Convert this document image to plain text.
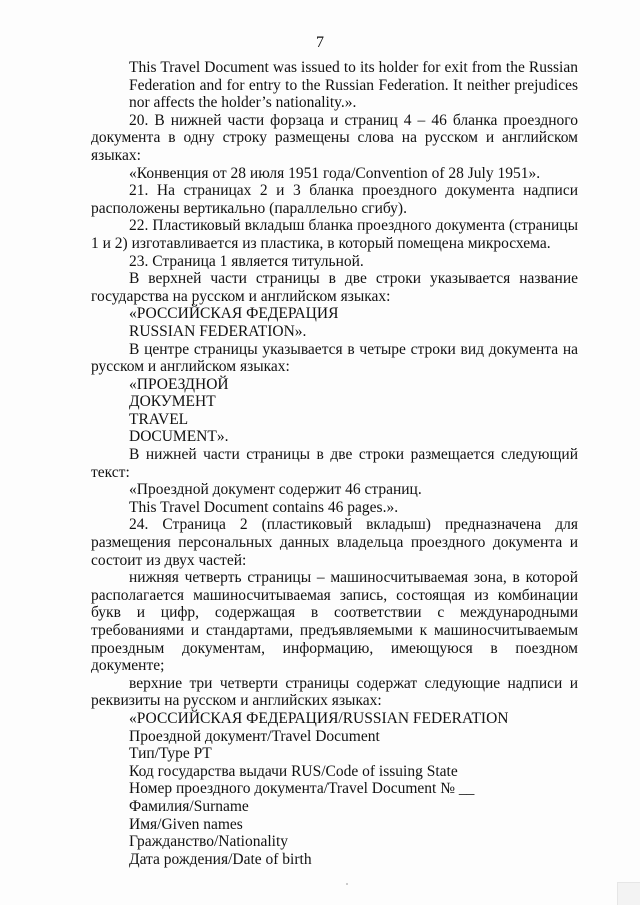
7

This Travel Document was issued to its holder for exit from the Russian Federation and for entry to the Russian Federation. It neither prejudices nor affects the holder’s nationality.».

20. В нижней части форзаца и страниц 4 – 46 бланка проездного документа в одну строку размещены слова на русском и английском языках:

«Конвенция от 28 июля 1951 года/Convention of 28 July 1951».

21. На страницах 2 и 3 бланка проездного документа надписи расположены вертикально (параллельно сгибу).

22. Пластиковый вкладыш бланка проездного документа (страницы 1 и 2) изготавливается из пластика, в который помещена микросхема.

23. Страница 1 является титульной.

В верхней части страницы в две строки указывается название государства на русском и английском языках:

«РОССИЙСКАЯ ФЕДЕРАЦИЯ

RUSSIAN FEDERATION».

В центре страницы указывается в четыре строки вид документа на русском и английском языках:

«ПРОЕЗДНОЙ

ДОКУМЕНТ

TRAVEL

DOCUMENT».

В нижней части страницы в две строки размещается следующий текст:

«Проездной документ содержит 46 страниц.

This Travel Document contains 46 pages.».

24. Страница 2 (пластиковый вкладыш) предназначена для размещения персональных данных владельца проездного документа и состоит из двух частей:

нижняя четверть страницы – машиносчитываемая зона, в которой располагается машиносчитываемая запись, состоящая из комбинации букв и цифр, содержащая в соответствии с международными требованиями и стандартами, предъявляемыми к машиносчитываемым проездным документам, информацию, имеющуюся в поездном документе;

верхние три четверти страницы содержат следующие надписи и реквизиты на русском и английских языках:

«РОССИЙСКАЯ ФЕДЕРАЦИЯ/RUSSIAN FEDERATION

Проездной документ/Travel Document

Тип/Type PT

Код государства выдачи RUS/Code of issuing State

Номер проездного документа/Travel Document № __

Фамилия/Surname

Имя/Given names

Гражданство/Nationality

Дата рождения/Date of birth
